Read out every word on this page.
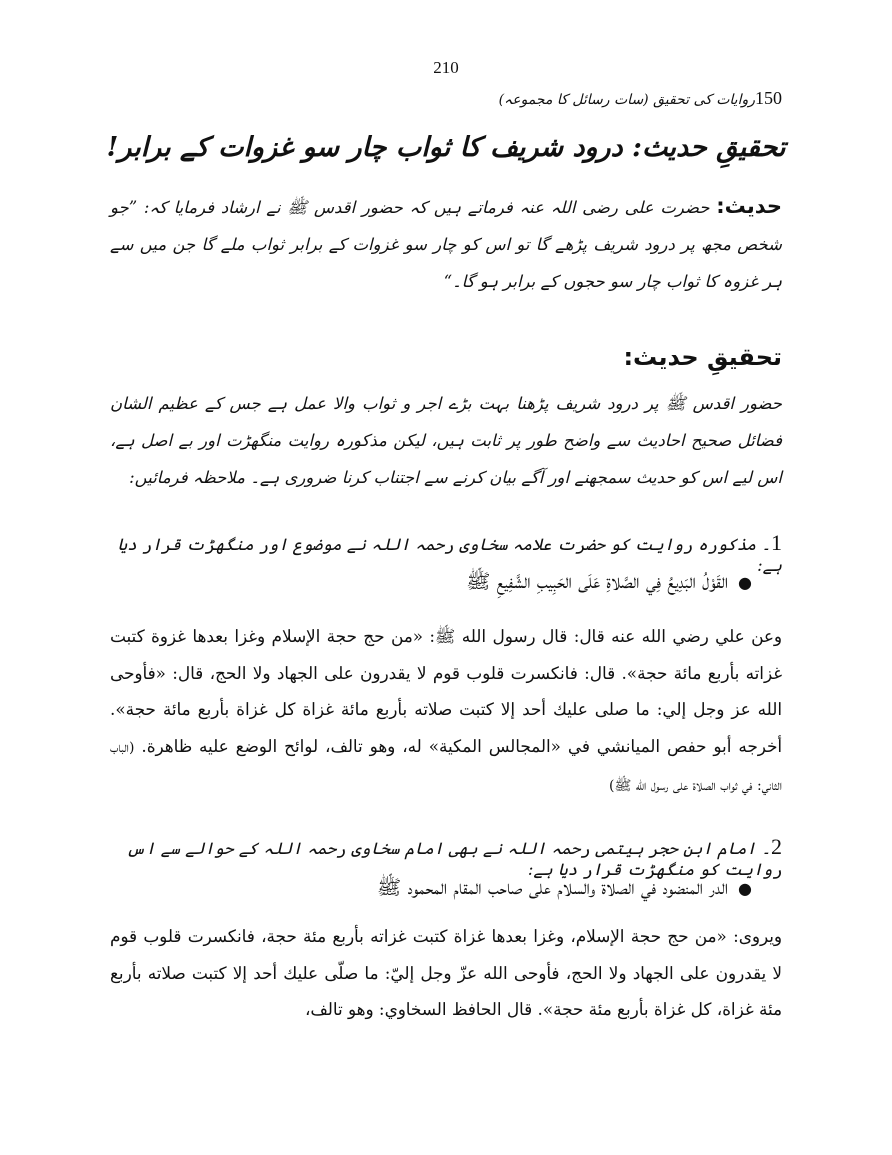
210
150روایات کی تحقیق (سات رسائل کا مجموعہ)
تحقیقِ حدیث: درود شریف کا ثواب چار سو غزوات کے برابر!
حدیث: حضرت علی رضی اللہ عنہ فرماتے ہیں کہ حضور اقدس ﷺ نے ارشاد فرمایا کہ: ”جو شخص مجھ پر درود شریف پڑھے گا تو اس کو چار سو غزوات کے برابر ثواب ملے گا جن میں سے ہر غزوہ کا ثواب چار سو حجوں کے برابر ہو گا۔“
تحقیقِ حدیث:
حضور اقدس ﷺ پر درود شریف پڑھنا بہت بڑے اجر و ثواب والا عمل ہے جس کے عظیم الشان فضائل صحیح احادیث سے واضح طور پر ثابت ہیں، لیکن مذکورہ روایت منگھڑت اور بے اصل ہے، اس لیے اس کو حدیث سمجھنے اور آگے بیان کرنے سے اجتناب کرنا ضروری ہے۔ ملاحظہ فرمائیں:
1۔ مذکورہ روایت کو حضرت علامہ سخاوی رحمہ اللہ نے موضوع اور منگھڑت قرار دیا ہے:
●القَوْلُ البَدِيعُ فِي الصَّلاةِ عَلَى الحَبِيبِ الشَّفِيعِ ﷺ
وعن علي رضي الله عنه قال: قال رسول الله ﷺ: «من حج حجة الإسلام وغزا بعدها غزوة كتبت غزاته بأربع مائة حجة». قال: فانكسرت قلوب قوم لا يقدرون على الجهاد ولا الحج، قال: «فأوحى الله عز وجل إلي: ما صلى عليك أحد إلا كتبت صلاته بأربع مائة غزاة كل غزاة بأربع مائة حجة». أخرجه أبو حفص الميانشي في «المجالس المكية» له، وهو تالف، لوائح الوضع عليه ظاهرة. (الباب الثاني: في ثواب الصلاة على رسول الله ﷺ)
2۔ امام ابن حجر ہیتمی رحمہ اللہ نے بھی امام سخاوی رحمہ اللہ کے حوالے سے اس روایت کو منگھڑت قرار دیا ہے:
●الدر المنضود في الصلاة والسلام على صاحب المقام المحمود ﷺ
ويروى: «من حج حجة الإسلام، وغزا بعدها غزاة كتبت غزاته بأربع مئة حجة، فانكسرت قلوب قوم لا يقدرون على الجهاد ولا الحج، فأوحى الله عزّ وجل إليّ: ما صلّى عليك أحد إلا كتبت صلاته بأربع مئة غزاة، كل غزاة بأربع مئة حجة». قال الحافظ السخاوي: وهو تالف،
